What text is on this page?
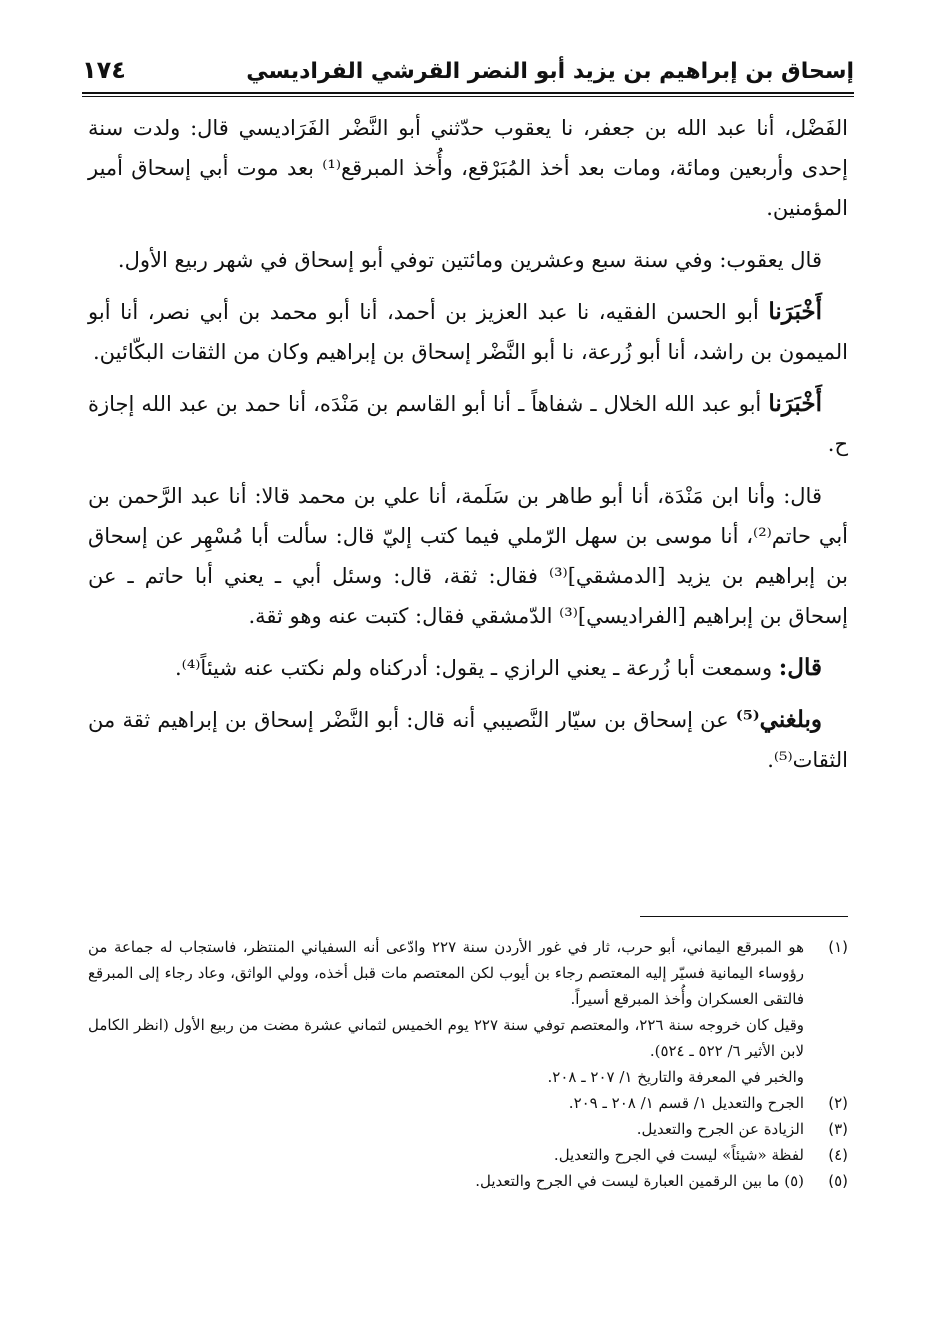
إسحاق بن إبراهيم بن يزيد أبو النضر القرشي الفراديسي
١٧٤

الفَضْل، أنا عبد الله بن جعفر، نا يعقوب حدّثني أبو النَّضْر الفَرَاديسي قال: ولدت سنة إحدى وأربعين ومائة، ومات بعد أخذ المُبَرْقع، وأُخذ المبرقع⁽¹⁾ بعد موت أبي إسحاق أمير المؤمنين.

قال يعقوب: وفي سنة سبع وعشرين ومائتين توفي أبو إسحاق في شهر ربيع الأول.

أَخْبَرَنا أبو الحسن الفقيه، نا عبد العزيز بن أحمد، أنا أبو محمد بن أبي نصر، أنا أبو الميمون بن راشد، أنا أبو زُرعة، نا أبو النَّضْر إسحاق بن إبراهيم وكان من الثقات البكّائين.

أَخْبَرَنا أبو عبد الله الخلال ـ شفاهاً ـ أنا أبو القاسم بن مَنْدَه، أنا حمد بن عبد الله إجازة ح.

قال: وأنا ابن مَنْدَة، أنا أبو طاهر بن سَلَمة، أنا علي بن محمد قالا: أنا عبد الرَّحمن بن أبي حاتم⁽²⁾، أنا موسى بن سهل الرّملي فيما كتب إليّ قال: سألت أبا مُسْهِر عن إسحاق بن إبراهيم بن يزيد [الدمشقي]⁽³⁾ فقال: ثقة، قال: وسئل أبي ـ يعني أبا حاتم ـ عن إسحاق بن إبراهيم [الفراديسي]⁽³⁾ الدّمشقي فقال: كتبت عنه وهو ثقة.

قال: وسمعت أبا زُرعة ـ يعني الرازي ـ يقول: أدركناه ولم نكتب عنه شيئاً⁽⁴⁾.

وبلغني⁽⁵⁾ عن إسحاق بن سيّار النَّصيبي أنه قال: أبو النَّضْر إسحاق بن إبراهيم ثقة من الثقات⁽⁵⁾.

(١)

هو المبرقع اليماني، أبو حرب، ثار في غور الأردن سنة ٢٢٧ وادّعى أنه السفياني المنتظر، فاستجاب له جماعة من رؤوساء اليمانية فسيّر إليه المعتصم رجاء بن أيوب لكن المعتصم مات قبل أخذه، وولي الواثق، وعاد رجاء إلى المبرقع فالتقى العسكران وأُخذ المبرقع أسيراً.

وقيل كان خروجه سنة ٢٢٦، والمعتصم توفي سنة ٢٢٧ يوم الخميس لثماني عشرة مضت من ربيع الأول (انظر الكامل لابن الأثير ٦/ ٥٢٢ ـ ٥٢٤).

والخبر في المعرفة والتاريخ ١/ ٢٠٧ ـ ٢٠٨.

(٢)

الجرح والتعديل ١/ قسم ١/ ٢٠٨ ـ ٢٠٩.

(٣)

الزيادة عن الجرح والتعديل.

(٤)

لفظة «شيئاً» ليست في الجرح والتعديل.

(٥)

(٥) ما بين الرقمين العبارة ليست في الجرح والتعديل.
